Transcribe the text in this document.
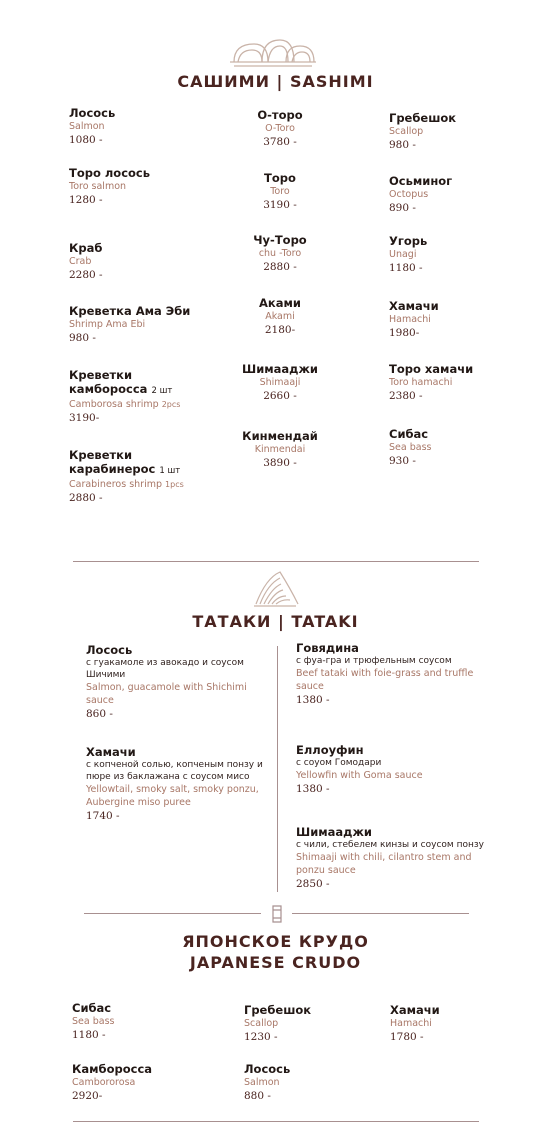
САШИМИ | SASHIMI
Лосось
Salmon
1080 -
Торо лосось
Toro salmon
1280 -
Краб
Crab
2280 -
Креветка Ама Эби
Shrimp Ama Ebi
980 -
Креветки
камборосса 2 шт
Camborosa shrimp 2pcs
3190-
Креветки
карабинерос 1 шт
Carabineros shrimp 1pcs
2880 -
О-торо
O-Toro
3780 -
Торо
Toro
3190 -
Чу-Торо
chu -Toro
2880 -
Аками
Akami
2180-
Шимааджи
Shimaaji
2660 -
Кинмендай
Kinmendai
3890 -
Гребешок
Scallop
980 -
Осьминог
Octopus
890 -
Угорь
Unagi
1180 -
Хамачи
Hamachi
1980-
Торо хамачи
Toro hamachi
2380 -
Сибас
Sea bass
930 -
ТАТАКИ | TATAKI
Лосось
с гуакамоле из авокадо и соусом Шичими
Salmon, guacamole with Shichimi sauce
860 -
Хамачи
с копченой солью, копченым понзу и пюре из баклажана с соусом мисо
Yellowtail, smoky salt, smoky ponzu, Aubergine miso puree
1740 -
Говядина
с фуа-гра и трюфельным соусом
Beef tataki with foie-grass and truffle sauce
1380 -
Еллоуфин
с соуом Гомодари
Yellowfin with Goma sauce
1380 -
Шимааджи
с чили, стебелем кинзы и соусом понзу
Shimaaji with chili, cilantro stem and ponzu sauce
2850 -
ЯПОНСКОЕ КРУДО
JAPANESE CRUDO
Сибас
Sea bass
1180 -
Гребешок
Scallop
1230 -
Хамачи
Hamachi
1780 -
Камборосса
Cambororosa
2920-
Лосось
Salmon
880 -
